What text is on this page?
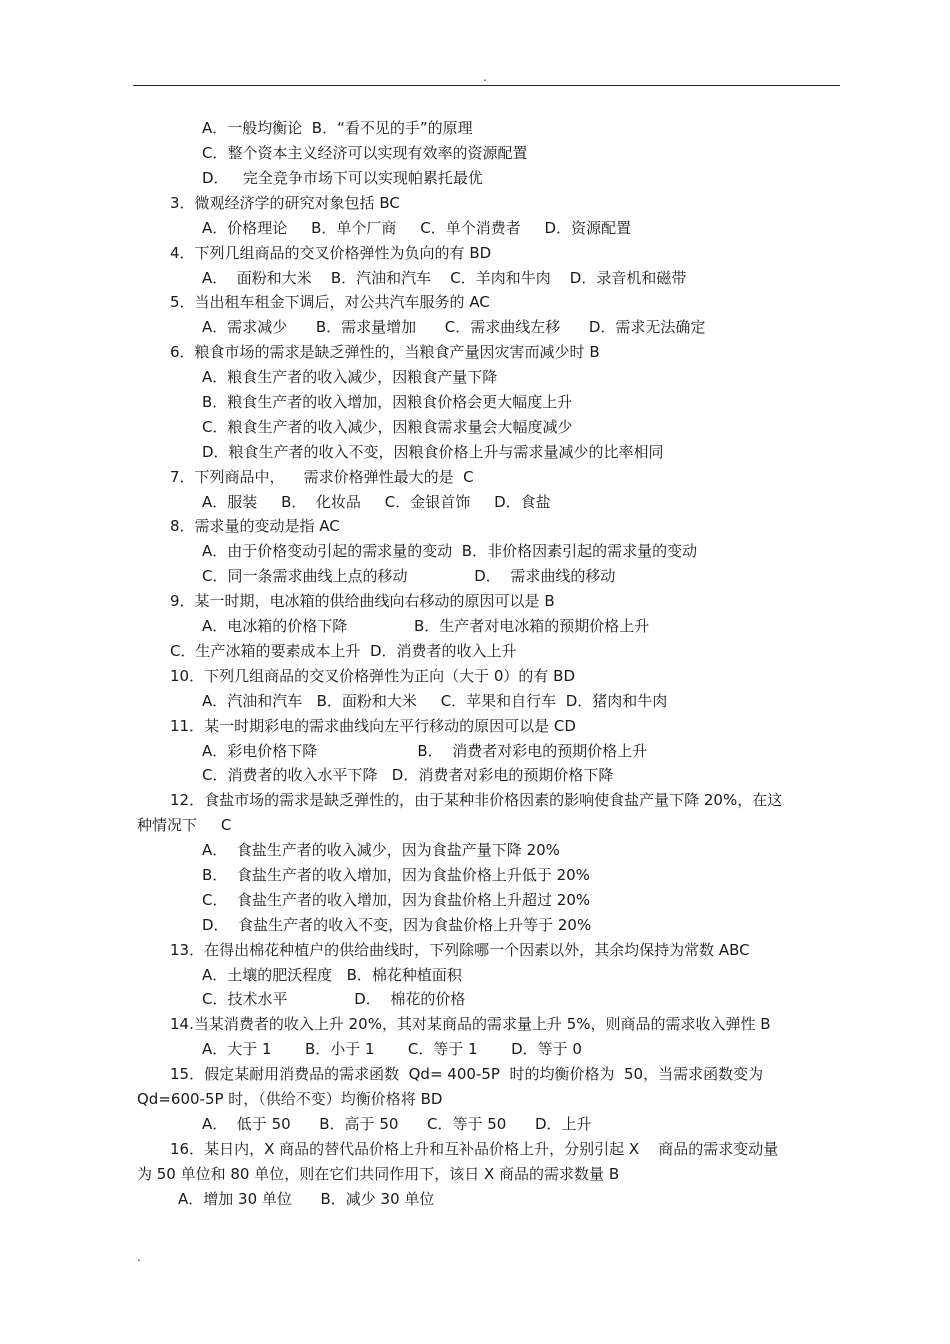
.
A．一般均衡论  B．“看不见的手”的原理
C．整个资本主义经济可以实现有效率的资源配置
D．   完全竞争市场下可以实现帕累托最优
3．微观经济学的研究对象包括 BC
A．价格理论     B．单个厂商     C．单个消费者     D．资源配置
4．下列几组商品的交叉价格弹性为负向的有 BD
A．  面粉和大米    B．汽油和汽车    C．羊肉和牛肉    D．录音机和磁带
5．当出租车租金下调后，对公共汽车服务的 AC
A．需求减少      B．需求量增加      C．需求曲线左移      D．需求无法确定
6．粮食市场的需求是缺乏弹性的，当粮食产量因灾害而减少时 B
A．粮食生产者的收入减少，因粮食产量下降
B．粮食生产者的收入增加，因粮食价格会更大幅度上升
C．粮食生产者的收入减少，因粮食需求量会大幅度减少
D．粮食生产者的收入不变，因粮食价格上升与需求量减少的比率相同
7．下列商品中，    需求价格弹性最大的是  C
A．服装     B．  化妆品     C．金银首饰     D．食盐
8．需求量的变动是指 AC
A．由于价格变动引起的需求量的变动  B．非价格因素引起的需求量的变动
C．同一条需求曲线上点的移动              D．  需求曲线的移动
9．某一时期，电冰箱的供给曲线向右移动的原因可以是 B
A．电冰箱的价格下降              B．生产者对电冰箱的预期价格上升
C．生产冰箱的要素成本上升  D．消费者的收入上升
10．下列几组商品的交叉价格弹性为正向（大于 0）的有 BD
A．汽油和汽车   B．面粉和大米     C．苹果和自行车  D．猪肉和牛肉
11．某一时期彩电的需求曲线向左平行移动的原因可以是 CD
A．彩电价格下降                     B．  消费者对彩电的预期价格上升
C．消费者的收入水平下降   D．消费者对彩电的预期价格下降
12．食盐市场的需求是缺乏弹性的，由于某种非价格因素的影响使食盐产量下降 20%，在这
种情况下     C
A．  食盐生产者的收入减少，因为食盐产量下降 20%
B．  食盐生产者的收入增加，因为食盐价格上升低于 20%
C．  食盐生产者的收入增加，因为食盐价格上升超过 20%
D．  食盐生产者的收入不变，因为食盐价格上升等于 20%
13．在得出棉花种植户的供给曲线时，下列除哪一个因素以外，其余均保持为常数 ABC
A．土壤的肥沃程度   B．棉花种植面积
C．技术水平              D．  棉花的价格
14.当某消费者的收入上升 20%，其对某商品的需求量上升 5%，则商品的需求收入弹性 B
A．大于 1       B．小于 1       C．等于 1       D．等于 0
15．假定某耐用消费品的需求函数  Qd= 400-5P  时的均衡价格为  50，当需求函数变为
Qd=600-5P 时，（供给不变）均衡价格将 BD
A．  低于 50      B．高于 50      C．等于 50      D．上升
16．某日内，X 商品的替代品价格上升和互补品价格上升，分别引起 X    商品的需求变动量
为 50 单位和 80 单位，则在它们共同作用下，该日 X 商品的需求数量 B
A．增加 30 单位      B．减少 30 单位
.
